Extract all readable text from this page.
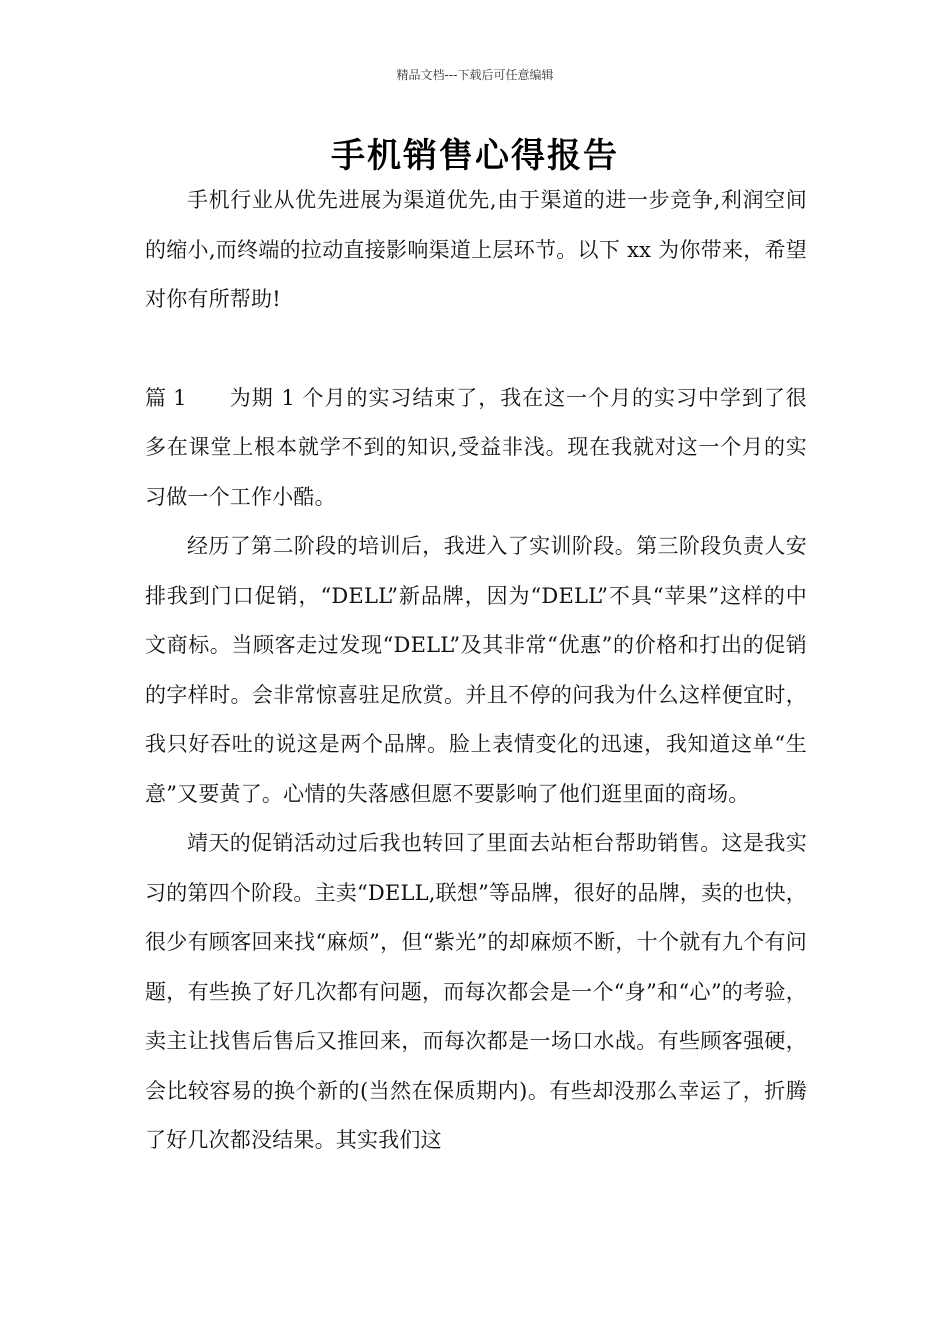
精品文档---下载后可任意编辑
手机销售心得报告

手机行业从优先进展为渠道优先,由于渠道的进一步竞争,利润空间的缩小,而终端的拉动直接影响渠道上层环节。以下 xx 为你带来，希望对你有所帮助!

篇 1 为期 1 个月的实习结束了，我在这一个月的实习中学到了很多在课堂上根本就学不到的知识,受益非浅。现在我就对这一个月的实习做一个工作小酷。

经历了第二阶段的培训后，我进入了实训阶段。第三阶段负责人安排我到门口促销，“DELL”新品牌，因为“DELL”不具“苹果”这样的中文商标。当顾客走过发现“DELL”及其非常“优惠”的价格和打出的促销的字样时。会非常惊喜驻足欣赏。并且不停的问我为什么这样便宜时，我只好吞吐的说这是两个品牌。脸上表情变化的迅速，我知道这单“生意”又要黄了。心情的失落感但愿不要影响了他们逛里面的商场。

靖天的促销活动过后我也转回了里面去站柜台帮助销售。这是我实习的第四个阶段。主卖“DELL,联想”等品牌，很好的品牌，卖的也快，很少有顾客回来找“麻烦”，但“紫光”的却麻烦不断，十个就有九个有问题，有些换了好几次都有问题，而每次都会是一个“身”和“心”的考验，卖主让找售后售后又推回来，而每次都是一场口水战。有些顾客强硬，会比较容易的换个新的(当然在保质期内)。有些却没那么幸运了，折腾了好几次都没结果。其实我们这
